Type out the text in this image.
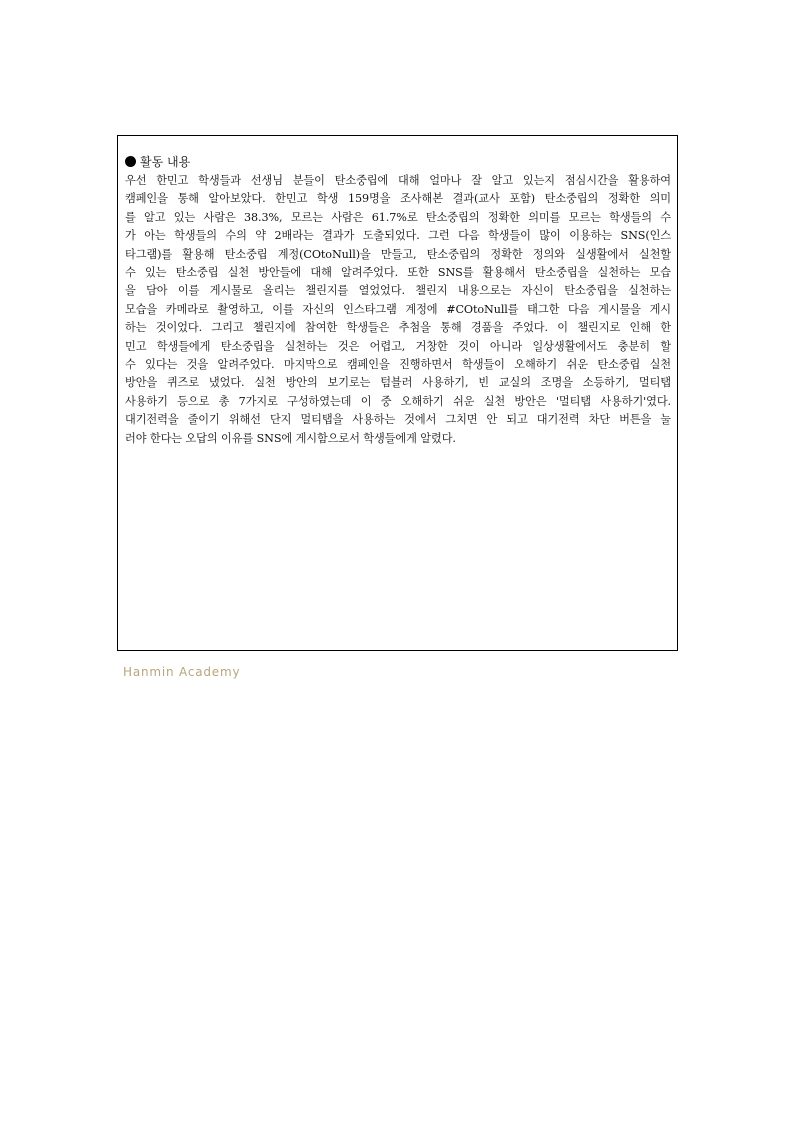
활동 내용
우선 한민고 학생들과 선생님 분들이 탄소중립에 대해 얼마나 잘 알고 있는지 점심시간을 활용하여
캠페인을 통해 알아보았다. 한민고 학생 159명을 조사해본 결과(교사 포함) 탄소중립의 정확한 의미
를 알고 있는 사람은 38.3%, 모르는 사람은 61.7%로 탄소중립의 정확한 의미를 모르는 학생들의 수
가 아는 학생들의 수의 약 2배라는 결과가 도출되었다. 그런 다음 학생들이 많이 이용하는 SNS(인스
타그램)를 활용해 탄소중립 계정(COtoNull)을 만들고, 탄소중립의 정확한 정의와 실생활에서 실천할
수 있는 탄소중립 실천 방안들에 대해 알려주었다. 또한 SNS를 활용해서 탄소중립을 실천하는 모습
을 담아 이를 게시물로 올리는 챌린지를 열었었다. 챌린지 내용으로는 자신이 탄소중립을 실천하는
모습을 카메라로 촬영하고, 이를 자신의 인스타그램 계정에 #COtoNull를 태그한 다음 게시물을 게시
하는 것이었다. 그리고 챌린지에 참여한 학생들은 추첨을 통해 경품을 주었다. 이 챌린지로 인해 한
민고 학생들에게 탄소중립을 실천하는 것은 어렵고, 거창한 것이 아니라 일상생활에서도 충분히 할
수 있다는 것을 알려주었다. 마지막으로 캠페인을 진행하면서 학생들이 오해하기 쉬운 탄소중립 실천
방안을 퀴즈로 냈었다. 실천 방안의 보기로는 텀블러 사용하기, 빈 교실의 조명을 소등하기, 멀티탭
사용하기 등으로 총 7가지로 구성하였는데 이 중 오해하기 쉬운 실천 방안은 '멀티탭 사용하기'였다.
대기전력을 줄이기 위해선 단지 멀티탭을 사용하는 것에서 그치면 안 되고 대기전력 차단 버튼을 눌
러야 한다는 오답의 이유를 SNS에 게시함으로서 학생들에게 알렸다.
Hanmin Academy
